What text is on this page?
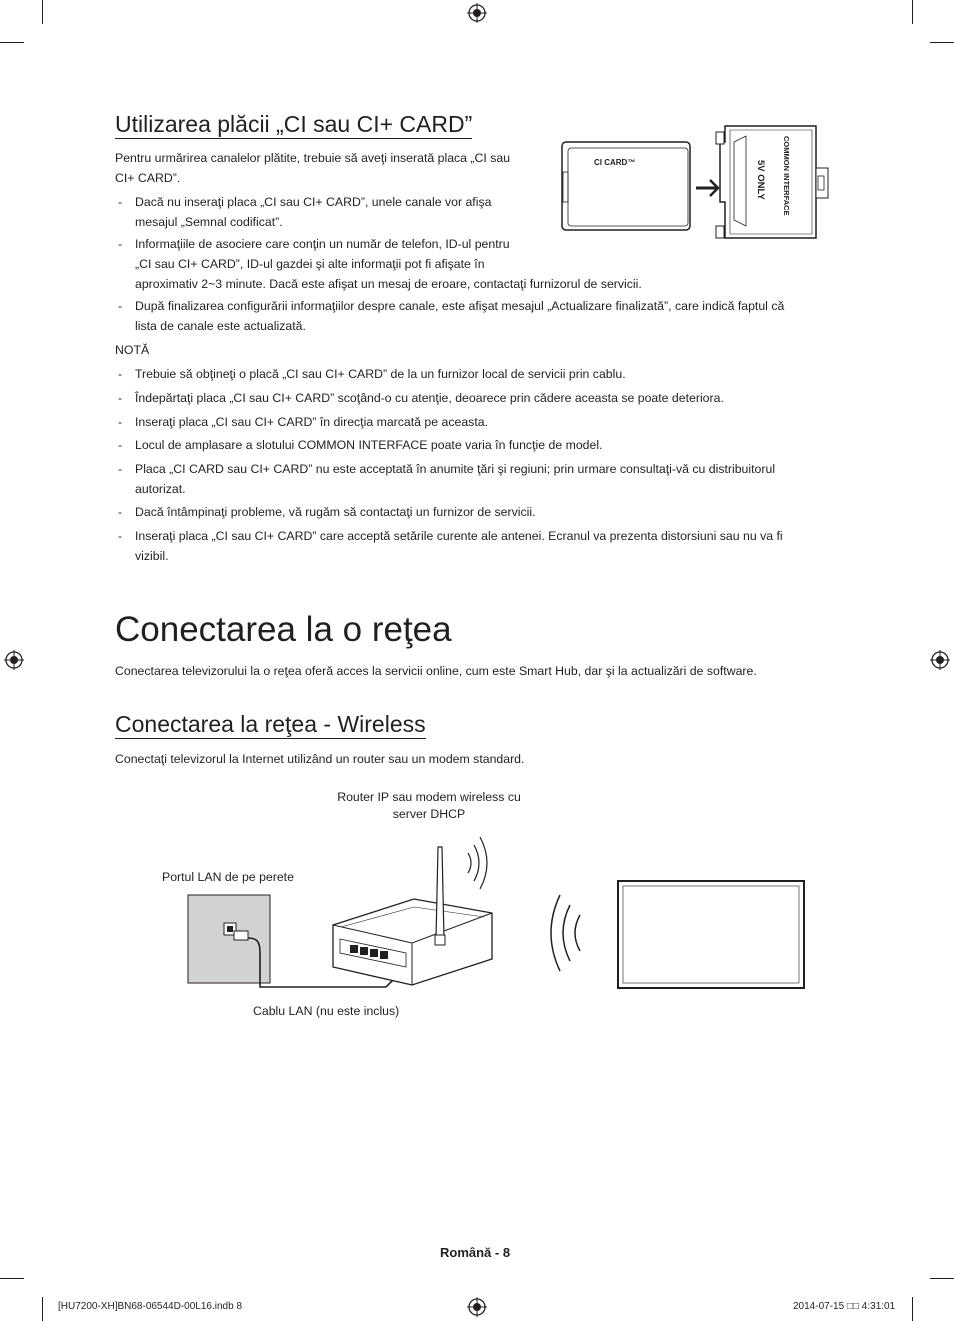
Utilizarea plăcii „CI sau CI+ CARD”
Pentru urmărirea canalelor plătite, trebuie să aveţi inserată placa „CI sau
CI+ CARD”.
- Dacă nu inseraţi placa „CI sau CI+ CARD”, unele canale vor afişa
mesajul „Semnal codificat”.
- Informaţiile de asociere care conţin un număr de telefon, ID-ul pentru
„CI sau CI+ CARD”, ID-ul gazdei şi alte informaţii pot fi afişate în
aproximativ 2~3 minute. Dacă este afişat un mesaj de eroare, contactaţi furnizorul de servicii.
- După finalizarea configurării informaţiilor despre canale, este afişat mesajul „Actualizare finalizată”, care indică faptul că
lista de canale este actualizată.
NOTĂ
- Trebuie să obţineţi o placă „CI sau CI+ CARD” de la un furnizor local de servicii prin cablu.
- Îndepărtaţi placa „CI sau CI+ CARD” scoţând-o cu atenţie, deoarece prin cădere aceasta se poate deteriora.
- Inseraţi placa „CI sau CI+ CARD” în direcţia marcată pe aceasta.
- Locul de amplasare a slotului COMMON INTERFACE poate varia în funcţie de model.
- Placa „CI CARD sau CI+ CARD” nu este acceptată în anumite ţări şi regiuni; prin urmare consultaţi-vă cu distribuitorul
autorizat.
- Dacă întâmpinaţi probleme, vă rugăm să contactaţi un furnizor de servicii.
- Inseraţi placa „CI sau CI+ CARD” care acceptă setările curente ale antenei. Ecranul va prezenta distorsiuni sau nu va fi
vizibil.
CI CARD™	COMMON INTERFACE
5V ONLY
Conectarea la o reţea
Conectarea televizorului la o reţea oferă acces la servicii online, cum este Smart Hub, dar şi la actualizări de software.
Conectarea la reţea - Wireless
Conectaţi televizorul la Internet utilizând un router sau un modem standard.
Router IP sau modem wireless cu
server DHCP
Portul LAN de pe perete
Cablu LAN (nu este inclus)
Română - 8
[HU7200-XH]BN68-06544D-00L16.indb 8	2014-07-15 □□ 4:31:01
